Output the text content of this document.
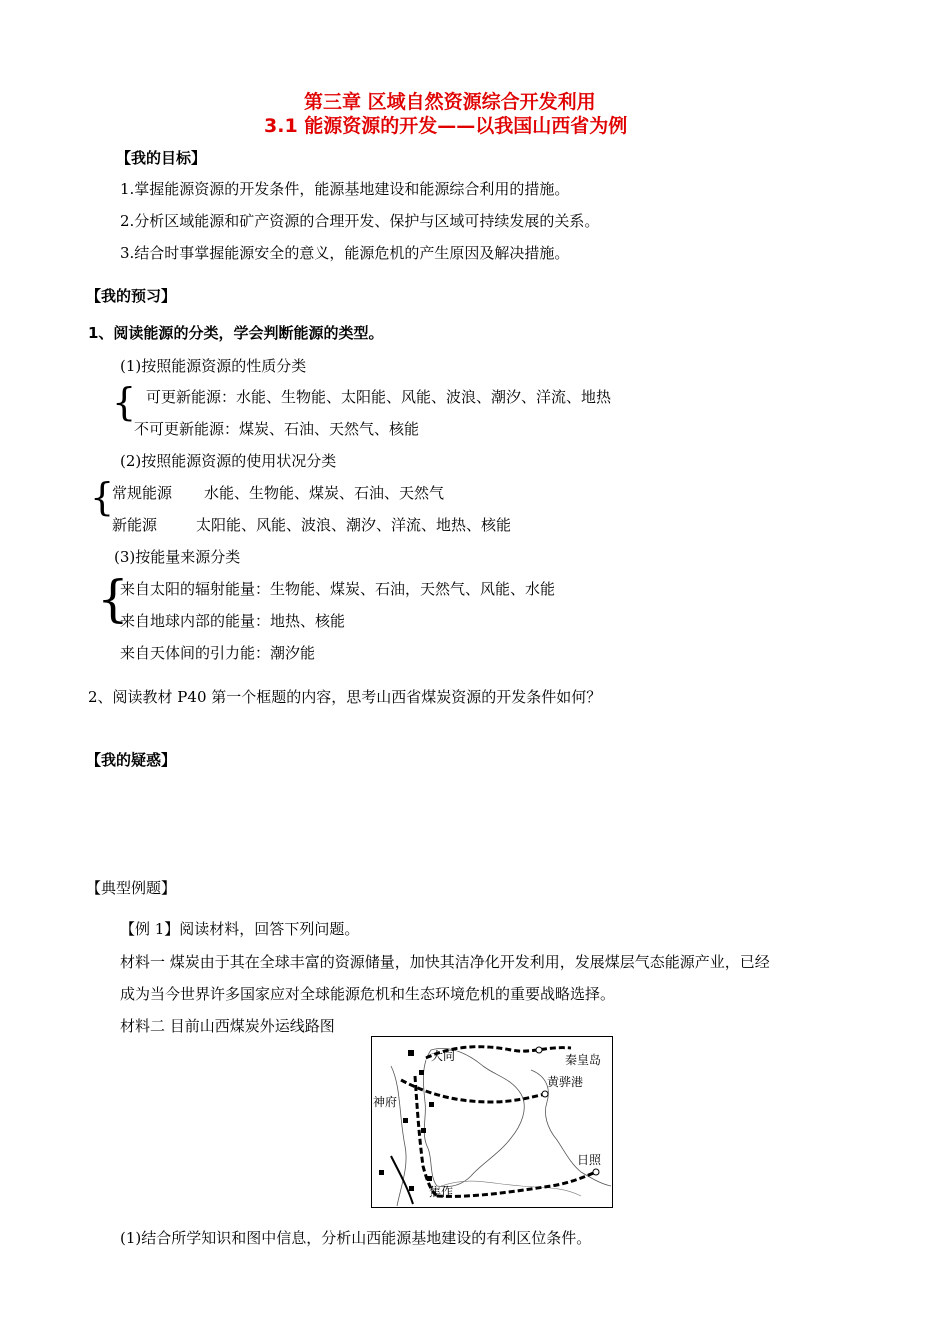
第三章 区域自然资源综合开发利用
3.1 能源资源的开发——以我国山西省为例
【我的目标】
1.掌握能源资源的开发条件，能源基地建设和能源综合利用的措施。
2.分析区域能源和矿产资源的合理开发、保护与区域可持续发展的关系。
3.结合时事掌握能源安全的意义，能源危机的产生原因及解决措施。
【我的预习】
1、阅读能源的分类，学会判断能源的类型。
(1)按照能源资源的性质分类
{ 可更新能源：水能、生物能、太阳能、风能、波浪、潮汐、洋流、地热
不可更新能源：煤炭、石油、天然气、核能
(2)按照能源资源的使用状况分类
{
常规能源 水能、生物能、煤炭、石油、天然气
新能源	太阳能、风能、波浪、潮汐、洋流、地热、核能
(3)按能量来源分类
{
来自太阳的辐射能量：生物能、煤炭、石油，天然气、风能、水能
来自地球内部的能量：地热、核能
来自天体间的引力能：潮汐能
2、阅读教材 P40 第一个框题的内容，思考山西省煤炭资源的开发条件如何？
【我的疑惑】
【典型例题】
【例 1】阅读材料，回答下列问题。
材料一 煤炭由于其在全球丰富的资源储量，加快其洁净化开发利用，发展煤层气态能源产业，已经
成为当今世界许多国家应对全球能源危机和生态环境危机的重要战略选择。
材料二 目前山西煤炭外运线路图
大同	秦皇岛
神府
黄骅港
日照
焦作
(1)结合所学知识和图中信息，分析山西能源基地建设的有利区位条件。
